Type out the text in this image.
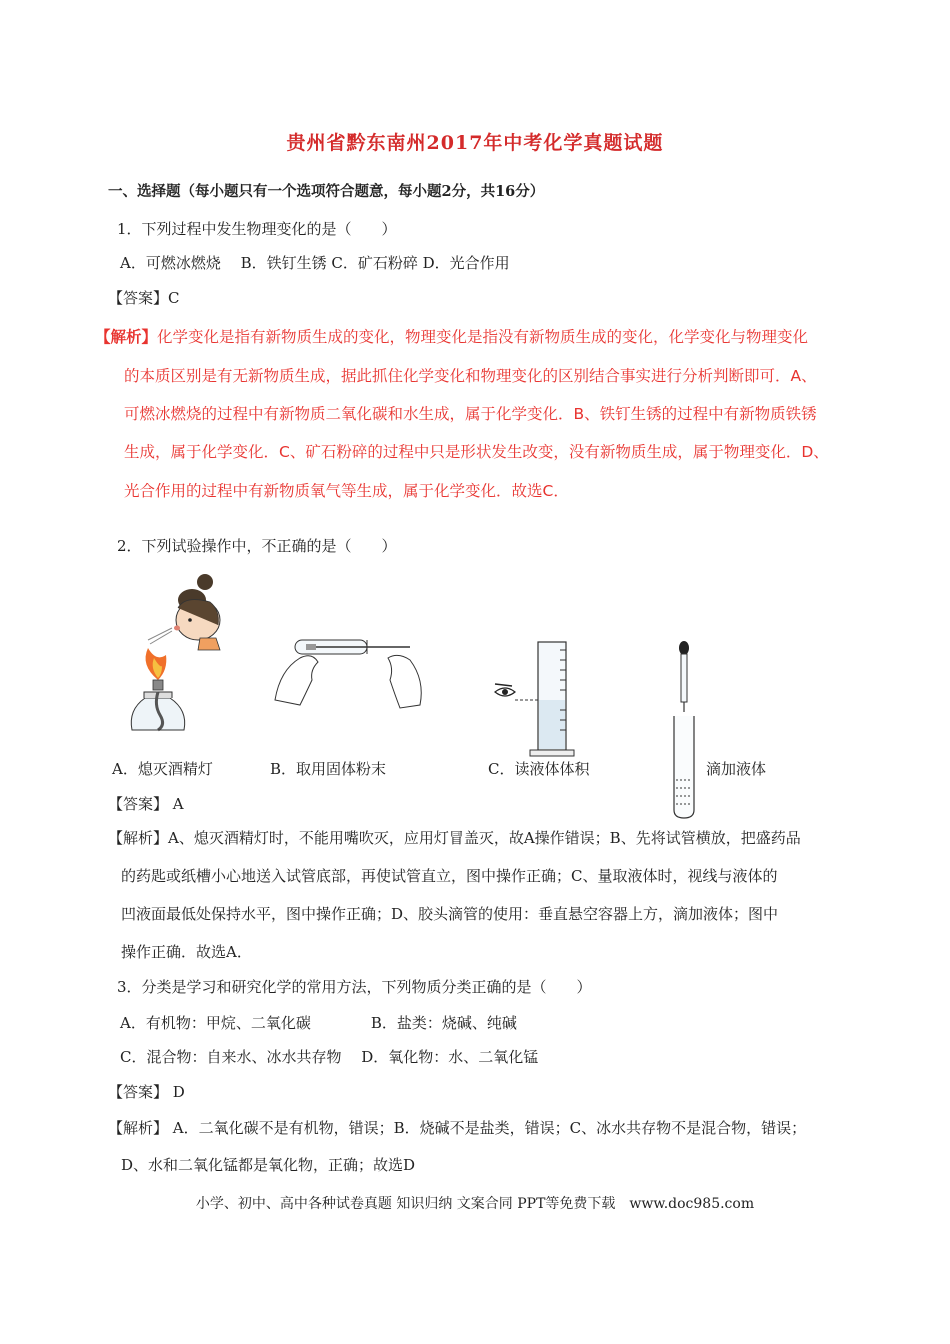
贵州省黔东南州2017年中考化学真题试题
一、选择题（每小题只有一个选项符合题意，每小题2分，共16分）
1．下列过程中发生物理变化的是（　　）
A．可燃冰燃烧　 B．铁钉生锈 C．矿石粉碎 D．光合作用
【答案】C
【解析】化学变化是指有新物质生成的变化，物理变化是指没有新物质生成的变化，化学变化与物理变化
的本质区别是有无新物质生成，据此抓住化学变化和物理变化的区别结合事实进行分析判断即可．A、
可燃冰燃烧的过程中有新物质二氧化碳和水生成，属于化学变化．B、铁钉生锈的过程中有新物质铁锈
生成，属于化学变化．C、矿石粉碎的过程中只是形状发生改变，没有新物质生成，属于物理变化．D、
光合作用的过程中有新物质氧气等生成，属于化学变化．故选C．
2．下列试验操作中，不正确的是（　　）
A．熄灭酒精灯	B．取用固体粉末	C．读液体体积	滴加液体
【答案】 A
【解析】A、熄灭酒精灯时，不能用嘴吹灭，应用灯冒盖灭，故A操作错误；B、先将试管横放，把盛药品
的药匙或纸槽小心地送入试管底部，再使试管直立，图中操作正确；C、量取液体时，视线与液体的
凹液面最低处保持水平，图中操作正确；D、胶头滴管的使用：垂直悬空容器上方，滴加液体；图中
操作正确．故选A．
3．分类是学习和研究化学的常用方法，下列物质分类正确的是（　　）
A．有机物：甲烷、二氧化碳　　　　B．盐类：烧碱、纯碱
C．混合物：自来水、冰水共存物　 D．氧化物：水、二氧化锰
【答案】 D
【解析】 A．二氧化碳不是有机物，错误；B．烧碱不是盐类，错误；C、冰水共存物不是混合物，错误；
D、水和二氧化锰都是氧化物，正确；故选D
小学、初中、高中各种试卷真题 知识归纳 文案合同 PPT等免费下载　www.doc985.com
